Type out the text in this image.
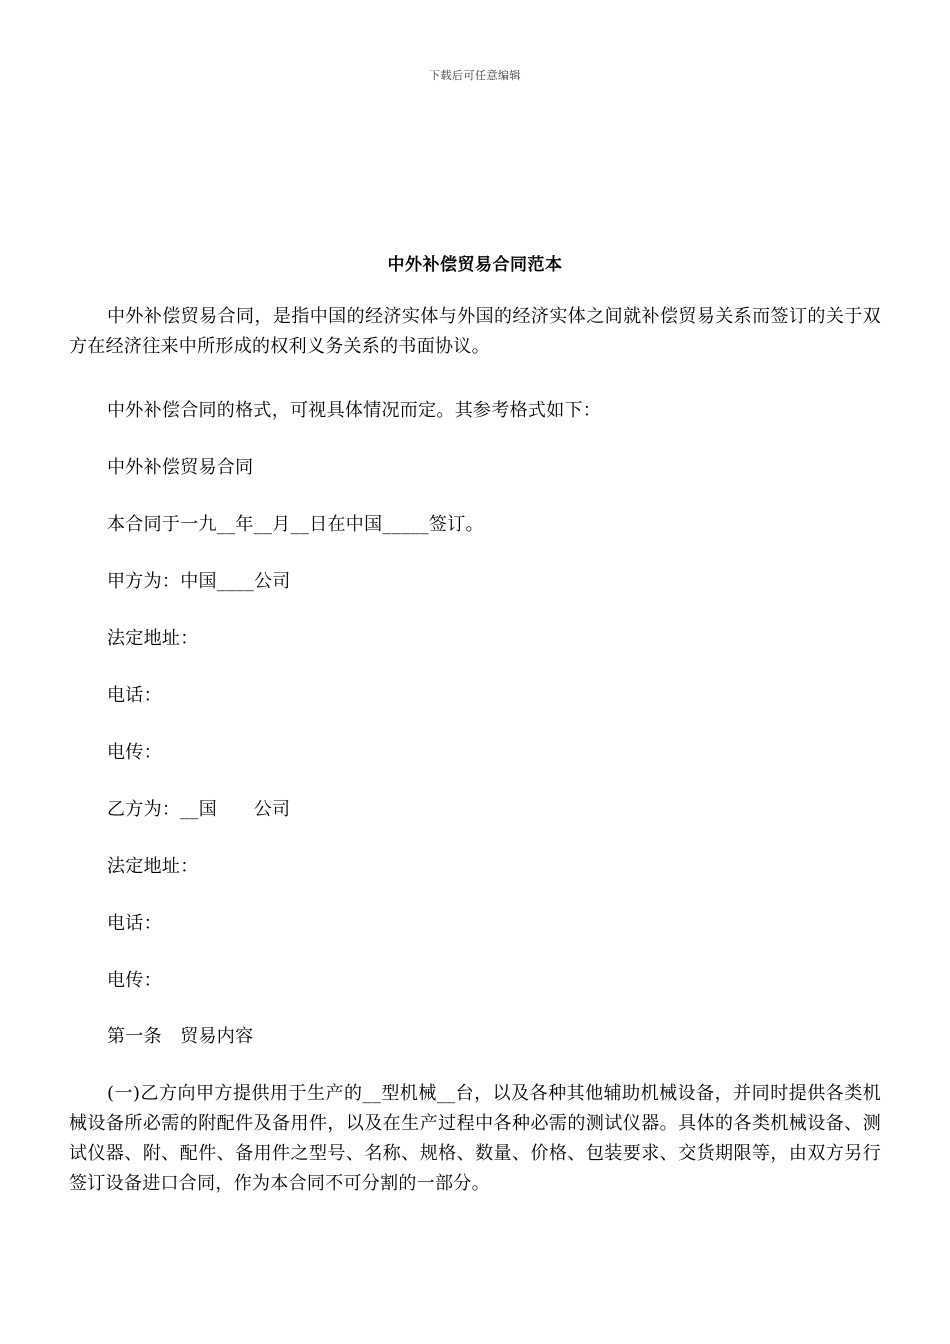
下载后可任意编辑
中外补偿贸易合同范本
中外补偿贸易合同，是指中国的经济实体与外国的经济实体之间就补偿贸易关系而签订的关于双方在经济往来中所形成的权利义务关系的书面协议。
中外补偿合同的格式，可视具体情况而定。其参考格式如下：
中外补偿贸易合同
本合同于一九__年__月__日在中国_____签订。
甲方为：中国____公司
法定地址：
电话：
电传：
乙方为：__国　　公司
法定地址：
电话：
电传：
第一条　贸易内容
(一)乙方向甲方提供用于生产的__型机械__台，以及各种其他辅助机械设备，并同时提供各类机械设备所必需的附配件及备用件，以及在生产过程中各种必需的测试仪器。具体的各类机械设备、测试仪器、附、配件、备用件之型号、名称、规格、数量、价格、包装要求、交货期限等，由双方另行签订设备进口合同，作为本合同不可分割的一部分。
